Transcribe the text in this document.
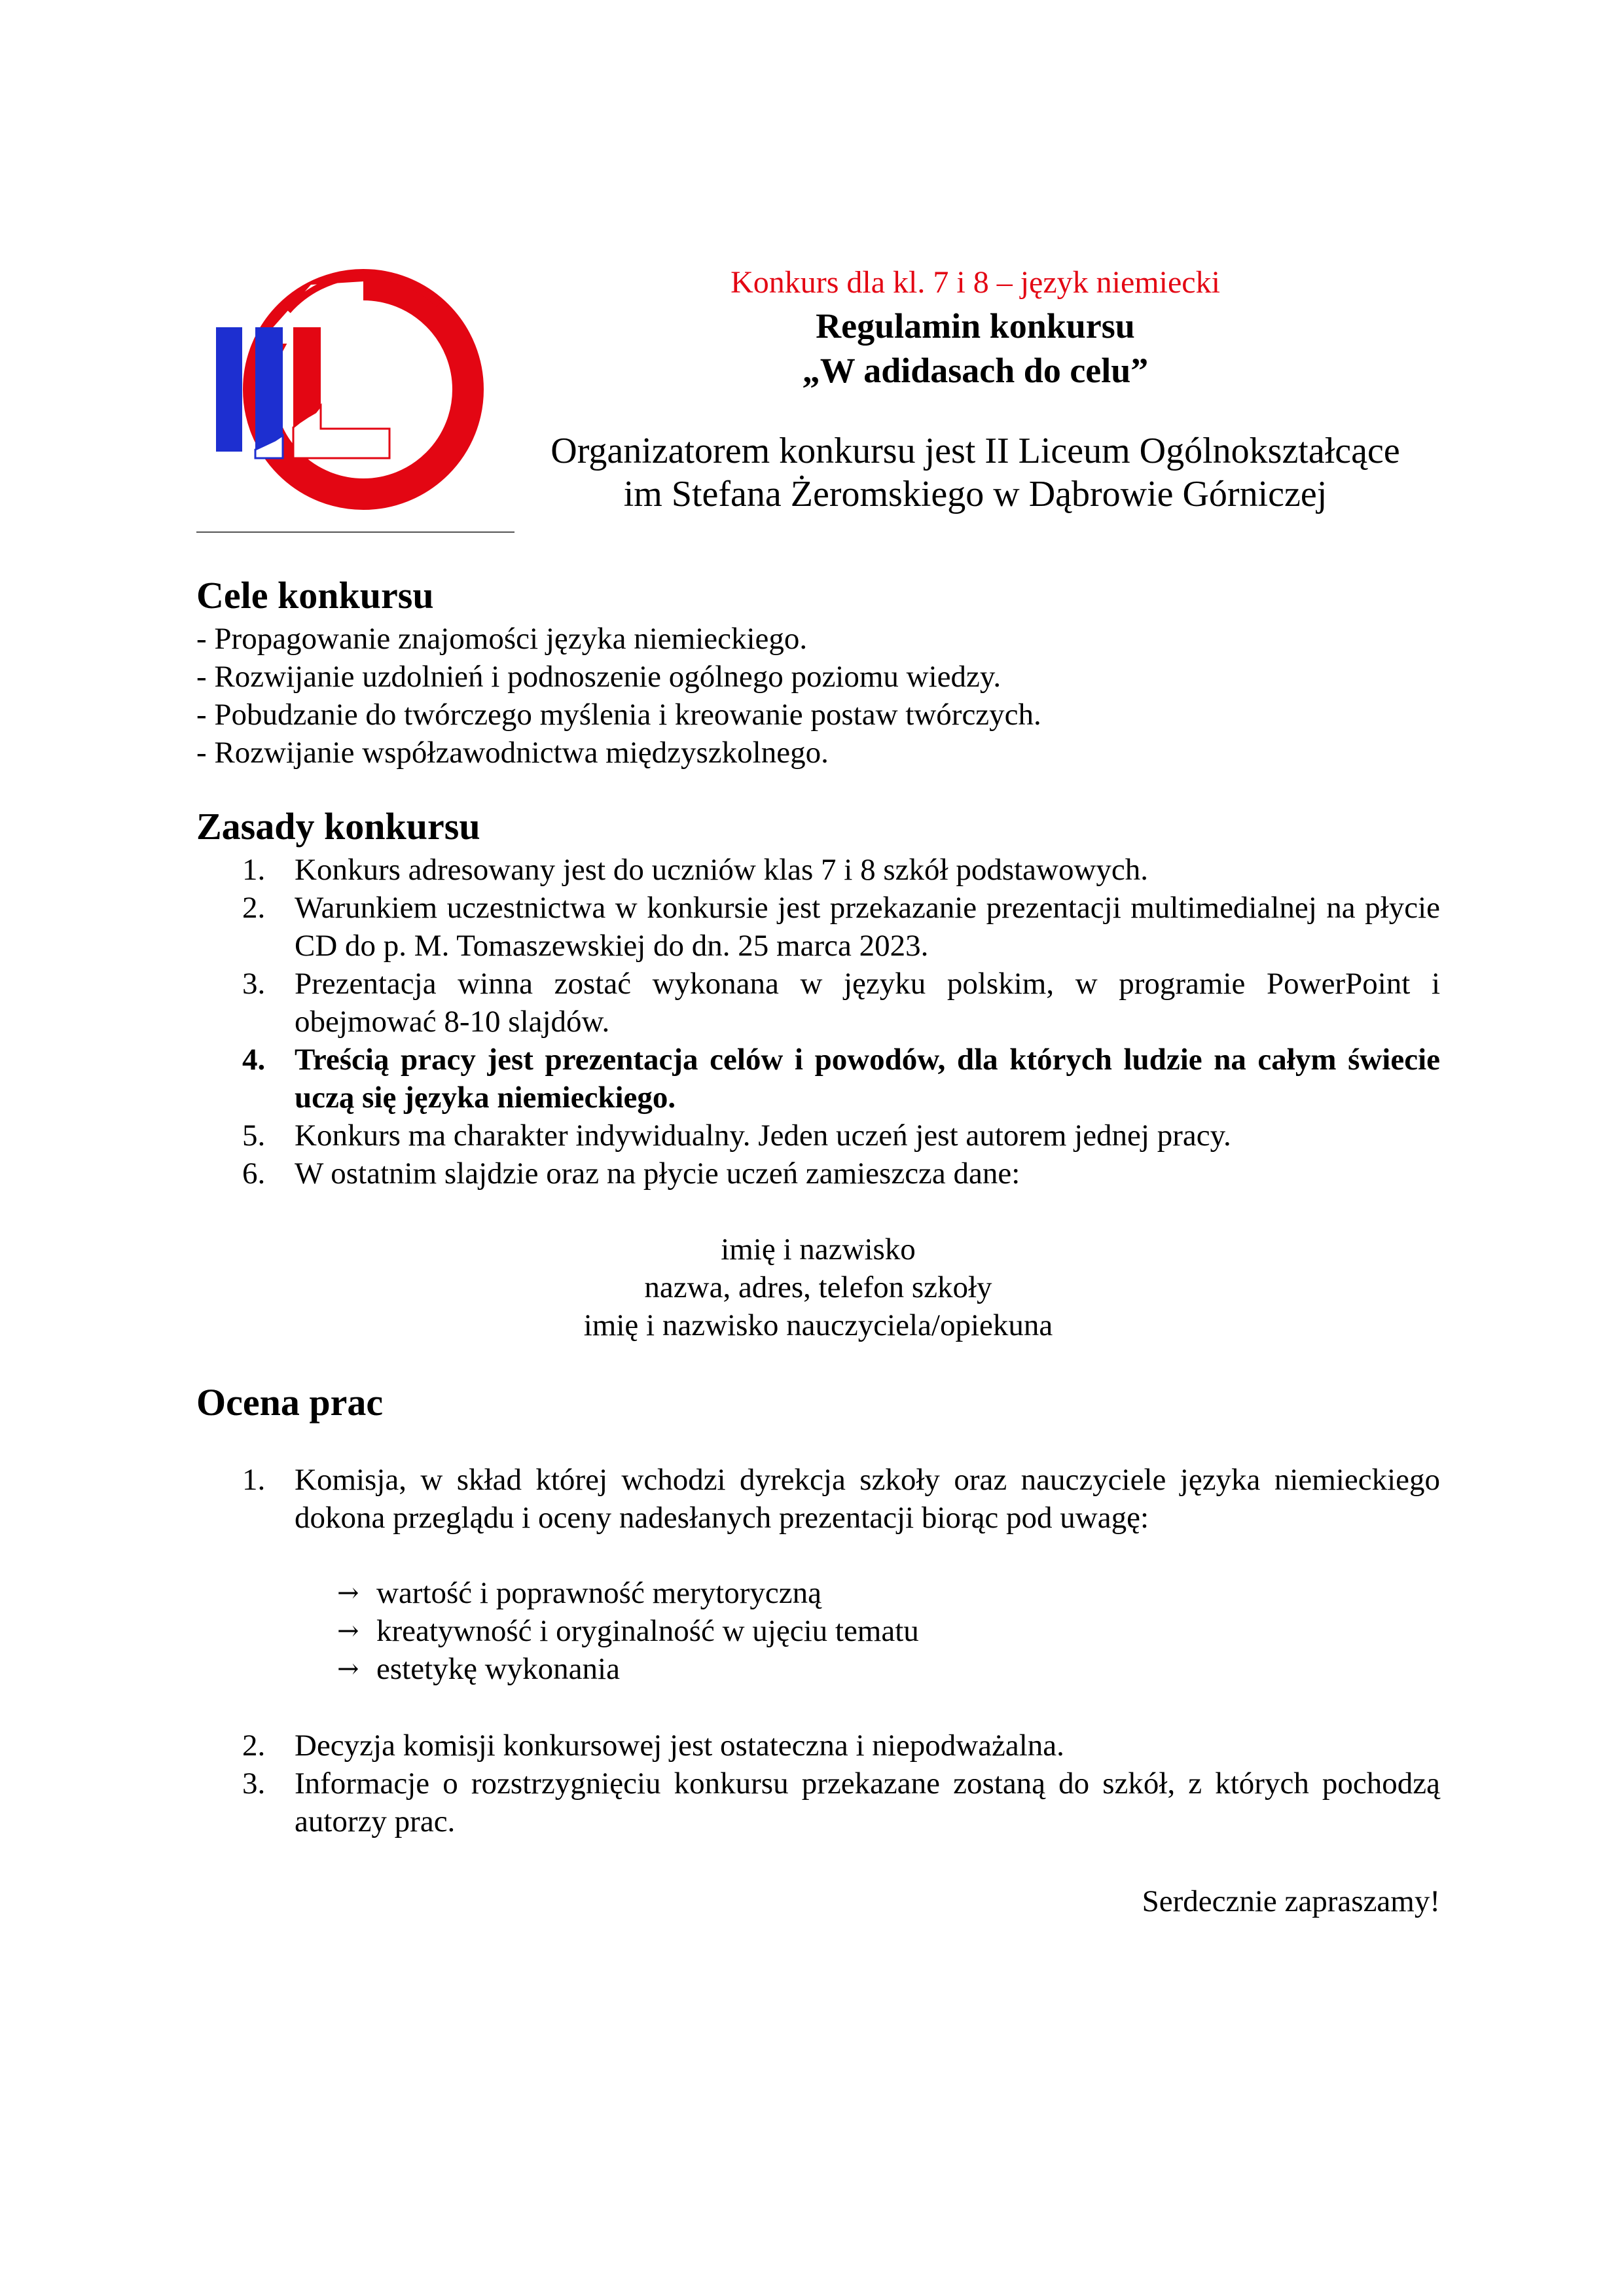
Konkurs dla kl. 7 i 8 – język niemiecki

Regulamin konkursu

„W adidasach do celu”

Organizatorem konkursu jest II Liceum Ogólnokształcące
im Stefana Żeromskiego w Dąbrowie Górniczej
Cele konkursu
- Propagowanie znajomości języka niemieckiego.
- Rozwijanie uzdolnień i podnoszenie ogólnego poziomu wiedzy.
- Pobudzanie do twórczego myślenia i kreowanie postaw twórczych.
- Rozwijanie współzawodnictwa międzyszkolnego.
Zasady konkursu
1. Konkurs adresowany jest do uczniów klas 7 i 8 szkół podstawowych.
2. Warunkiem uczestnictwa w konkursie jest przekazanie prezentacji multimedialnej na płycie CD do p. M. Tomaszewskiej do dn. 25 marca 2023.
3. Prezentacja winna zostać wykonana w języku polskim, w programie PowerPoint i obejmować 8-10 slajdów.
4. Treścią pracy jest prezentacja celów i powodów, dla których ludzie na całym świecie uczą się języka niemieckiego.
5. Konkurs ma charakter indywidualny. Jeden uczeń jest autorem jednej pracy.
6. W ostatnim slajdzie oraz na płycie uczeń zamieszcza dane:
imię i nazwisko
nazwa, adres, telefon szkoły
imię i nazwisko nauczyciela/opiekuna
Ocena prac
1. Komisja, w skład której wchodzi dyrekcja szkoły oraz nauczyciele języka niemieckiego dokona przeglądu i oceny nadesłanych prezentacji biorąc pod uwagę:
→ wartość i poprawność merytoryczną
→ kreatywność i oryginalność w ujęciu tematu
→ estetykę wykonania
2. Decyzja komisji konkursowej jest ostateczna i niepodważalna.
3. Informacje o rozstrzygnięciu konkursu przekazane zostaną do szkół, z których pochodzą autorzy prac.
Serdecznie zapraszamy!
